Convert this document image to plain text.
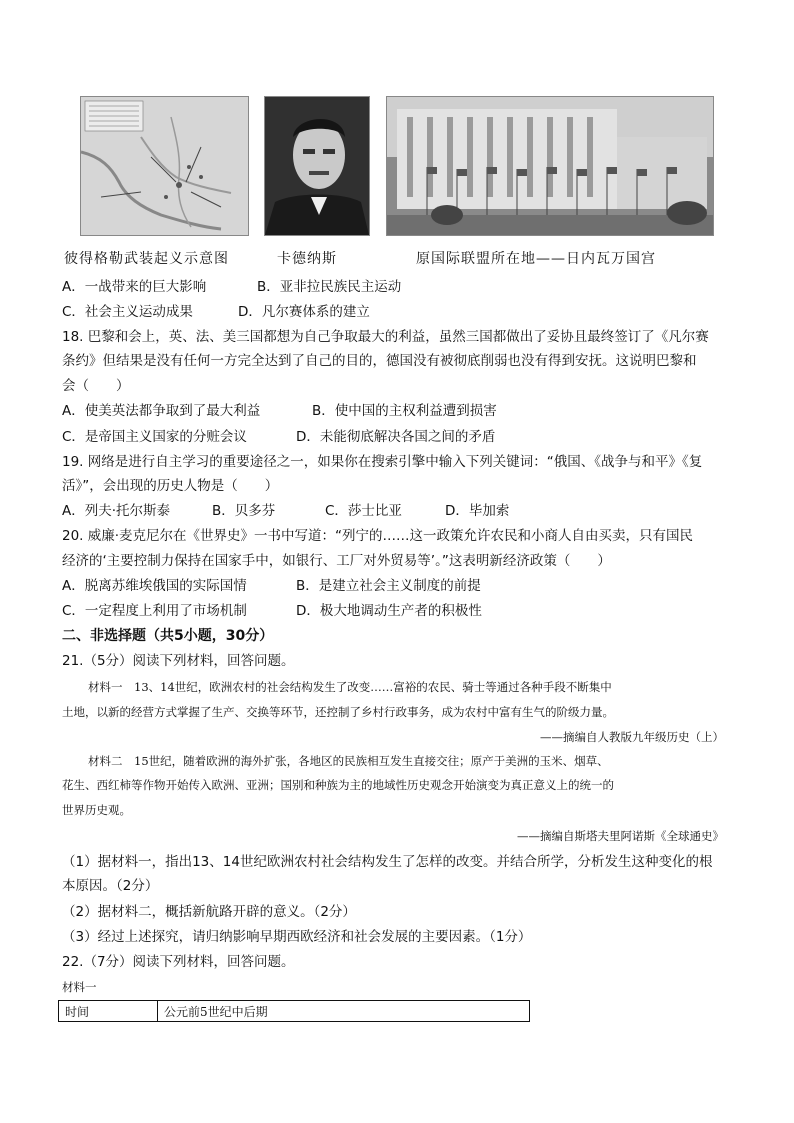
彼得格勒武装起义示意图	卡德纳斯	原国际联盟所在地——日内瓦万国宫
A．一战带来的巨大影响	B．亚非拉民族民主运动
C．社会主义运动成果	D．凡尔赛体系的建立
18. 巴黎和会上，英、法、美三国都想为自己争取最大的利益，虽然三国都做出了妥协且最终签订了《凡尔赛
条约》但结果是没有任何一方完全达到了自己的目的，德国没有被彻底削弱也没有得到安抚。这说明巴黎和
会（　　）
A．使美英法都争取到了最大利益	B．使中国的主权利益遭到损害
C．是帝国主义国家的分赃会议	D．未能彻底解决各国之间的矛盾
19. 网络是进行自主学习的重要途径之一，如果你在搜索引擎中输入下列关键词：“俄国、《战争与和平》《复
活》”，会出现的历史人物是（　　）
A．列夫·托尔斯泰	B．贝多芬	C．莎士比亚	D．毕加索
20. 威廉·麦克尼尔在《世界史》一书中写道：“列宁的……这一政策允许农民和小商人自由买卖，只有国民
经济的‘主要控制力保持在国家手中，如银行、工厂对外贸易等’。”这表明新经济政策（　　）
A．脱离苏维埃俄国的实际国情	B．是建立社会主义制度的前提
C．一定程度上利用了市场机制	D．极大地调动生产者的积极性
二、非选择题（共5小题，30分）
21.（5分）阅读下列材料，回答问题。
材料一　13、14世纪，欧洲农村的社会结构发生了改变……富裕的农民、骑士等通过各种手段不断集中
土地，以新的经营方式掌握了生产、交换等环节，还控制了乡村行政事务，成为农村中富有生气的阶级力量。
——摘编自人教版九年级历史（上）
材料二　15世纪，随着欧洲的海外扩张，各地区的民族相互发生直接交往；原产于美洲的玉米、烟草、
花生、西红柿等作物开始传入欧洲、亚洲；国别和种族为主的地域性历史观念开始演变为真正意义上的统一的
世界历史观。
——摘编自斯塔夫里阿诺斯《全球通史》
（1）据材料一，指出13、14世纪欧洲农村社会结构发生了怎样的改变。并结合所学，分析发生这种变化的根
本原因。（2分）
（2）据材料二，概括新航路开辟的意义。（2分）
（3）经过上述探究，请归纳影响早期西欧经济和社会发展的主要因素。（1分）
22.（7分）阅读下列材料，回答问题。
材料一
时间	公元前5世纪中后期
